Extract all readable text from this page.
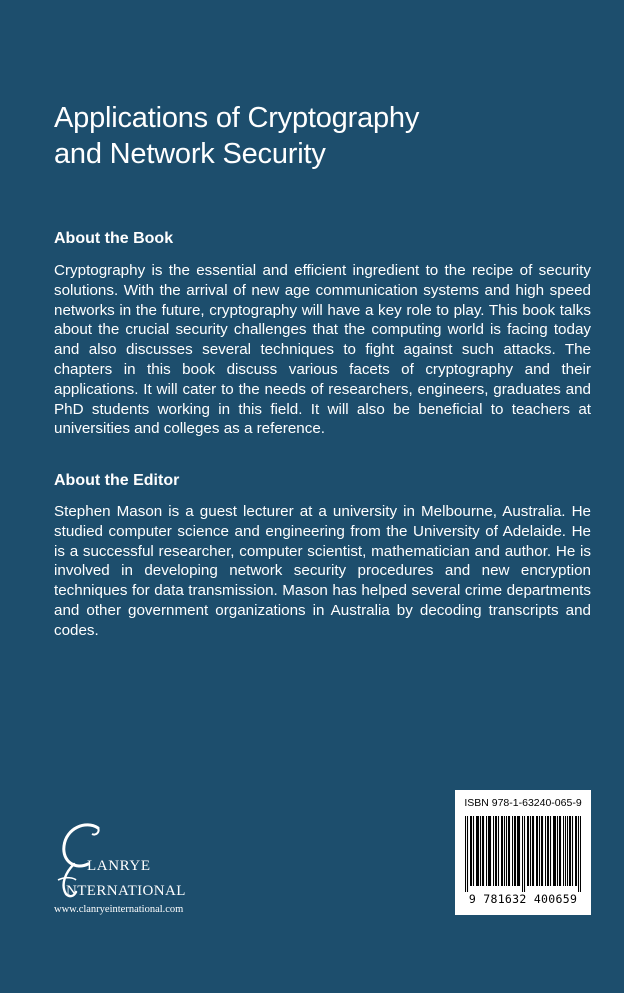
Applications of Cryptography
and Network Security
About the Book

Cryptography is the essential and efficient ingredient to the recipe of security solutions. With the arrival of new age communication systems and high speed networks in the future, cryptography will have a key role to play. This book talks about the crucial security challenges that the computing world is facing today and also discusses several techniques to fight against such attacks. The chapters in this book discuss various facets of cryptography and their applications. It will cater to the needs of researchers, engineers, graduates and PhD students working in this field. It will also be beneficial to teachers at universities and colleges as a reference.

About the Editor

Stephen Mason is a guest lecturer at a university in Melbourne, Australia. He studied computer science and engineering from the University of Adelaide. He is a successful researcher, computer scientist, mathematician and author. He is involved in developing network security procedures and new encryption techniques for data transmission. Mason has helped several crime departments and other government organizations in Australia by decoding transcripts and codes.

LANRYE
NTERNATIONAL
www.clanryeinternational.com
ISBN 978-1-63240-065-9
9 781632 400659
